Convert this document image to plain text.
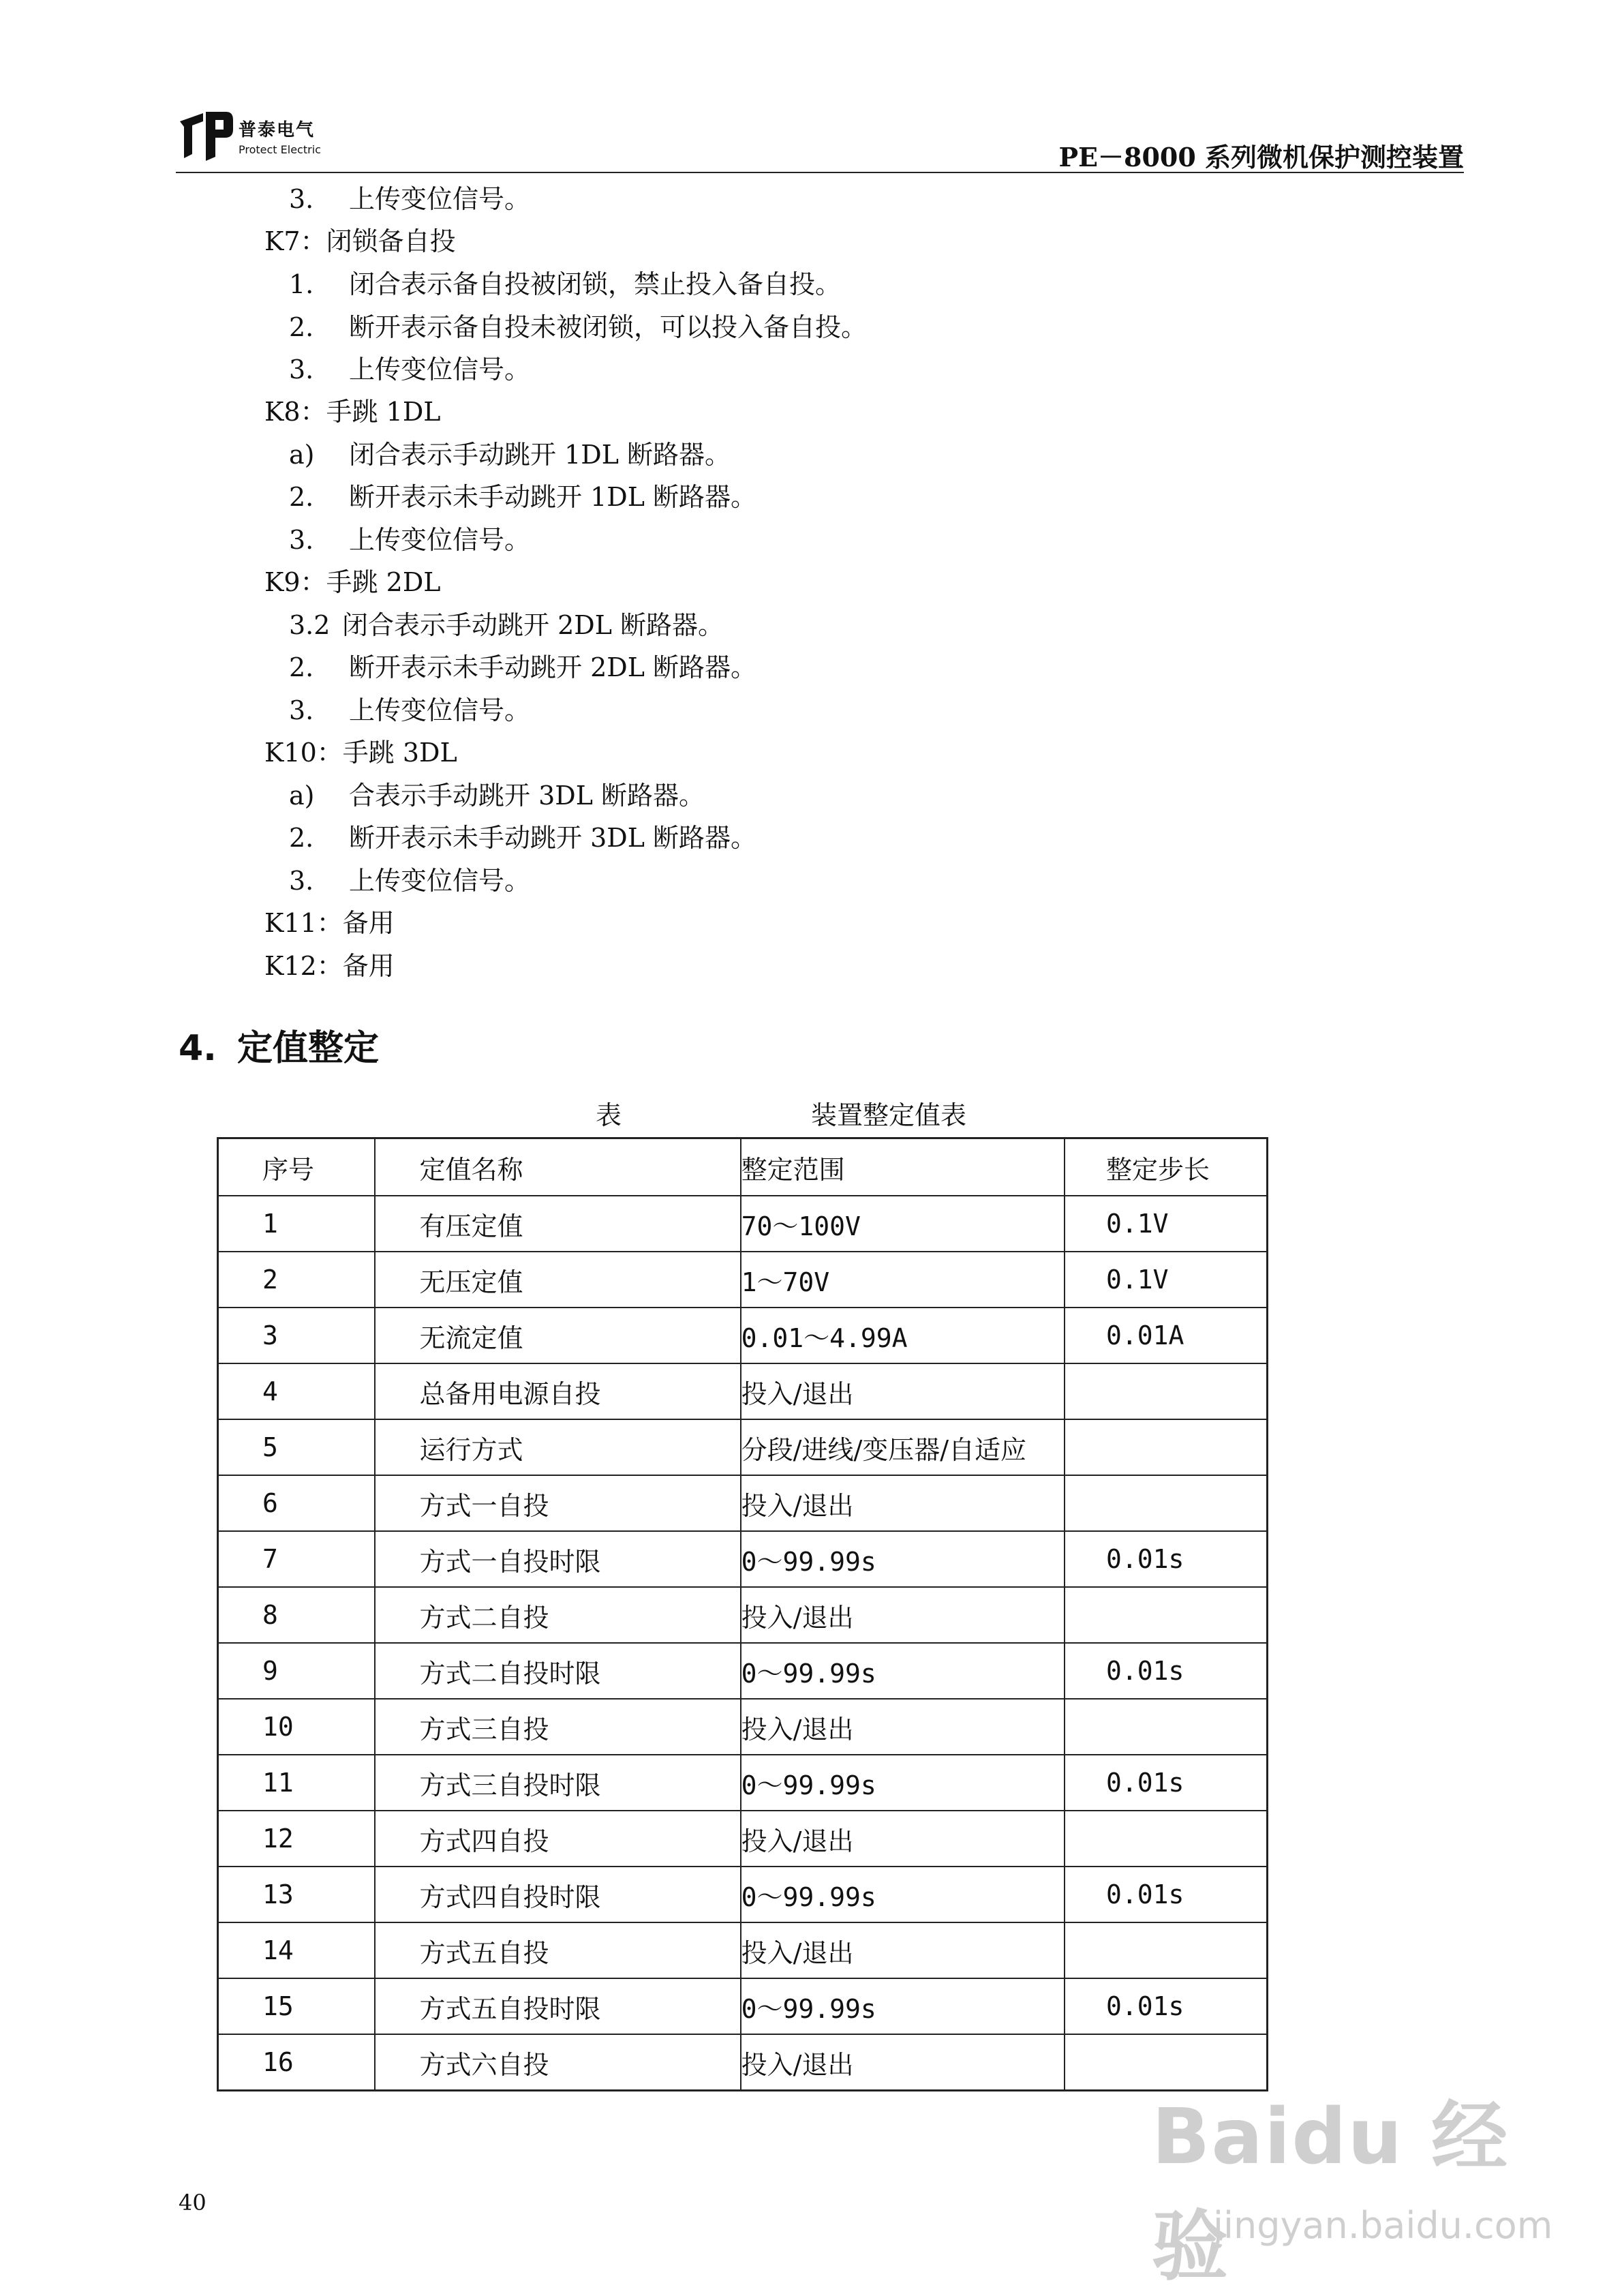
普泰电气
Protect Electric	PE－8000 系列微机保护测控装置
3. 上传变位信号。
K7：闭锁备自投
1. 闭合表示备自投被闭锁，禁止投入备自投。
2. 断开表示备自投未被闭锁，可以投入备自投。
3. 上传变位信号。
K8：手跳 1DL
a) 闭合表示手动跳开 1DL 断路器。
2. 断开表示未手动跳开 1DL 断路器。
3. 上传变位信号。
K9：手跳 2DL
3.2 闭合表示手动跳开 2DL 断路器。
2. 断开表示未手动跳开 2DL 断路器。
3. 上传变位信号。
K10：手跳 3DL
a) 合表示手动跳开 3DL 断路器。
2. 断开表示未手动跳开 3DL 断路器。
3. 上传变位信号。
K11：备用
K12：备用
4. 定值整定
表	装置整定值表
序号	定值名称	整定范围	整定步长
1	有压定值	70～100V	0.1V
2	无压定值	1～70V	0.1V
3	无流定值	0.01～4.99A	0.01A
4	总备用电源自投	投入/退出	
5	运行方式	分段/进线/变压器/自适应	
6	方式一自投	投入/退出	
7	方式一自投时限	0～99.99s	0.01s
8	方式二自投	投入/退出	
9	方式二自投时限	0～99.99s	0.01s
10	方式三自投	投入/退出	
11	方式三自投时限	0～99.99s	0.01s
12	方式四自投	投入/退出	
13	方式四自投时限	0～99.99s	0.01s
14	方式五自投	投入/退出	
15	方式五自投时限	0～99.99s	0.01s
16	方式六自投	投入/退出	
40
Baidu 经验
jingyan.baidu.com
